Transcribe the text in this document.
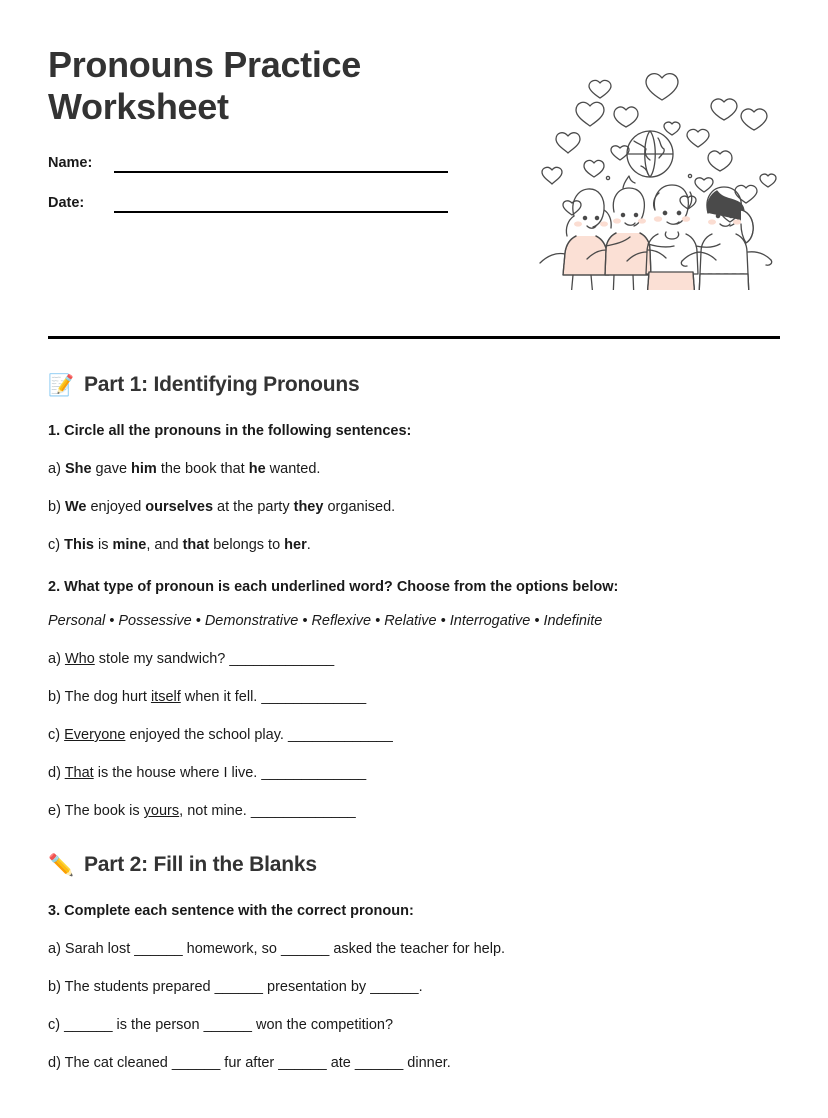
Pronouns Practice Worksheet
Name:
Date:
📝 Part 1: Identifying Pronouns

1. Circle all the pronouns in the following sentences:

a) She gave him the book that he wanted.

b) We enjoyed ourselves at the party they organised.

c) This is mine, and that belongs to her.

2. What type of pronoun is each underlined word? Choose from the options below:

Personal • Possessive • Demonstrative • Reflexive • Relative • Interrogative • Indefinite

a) Who stole my sandwich? _____________

b) The dog hurt itself when it fell. _____________

c) Everyone enjoyed the school play. _____________

d) That is the house where I live. _____________

e) The book is yours, not mine. _____________

✏️ Part 2: Fill in the Blanks

3. Complete each sentence with the correct pronoun:

a) Sarah lost ______ homework, so ______ asked the teacher for help.

b) The students prepared ______ presentation by ______.

c) ______ is the person ______ won the competition?

d) The cat cleaned ______ fur after ______ ate ______ dinner.
